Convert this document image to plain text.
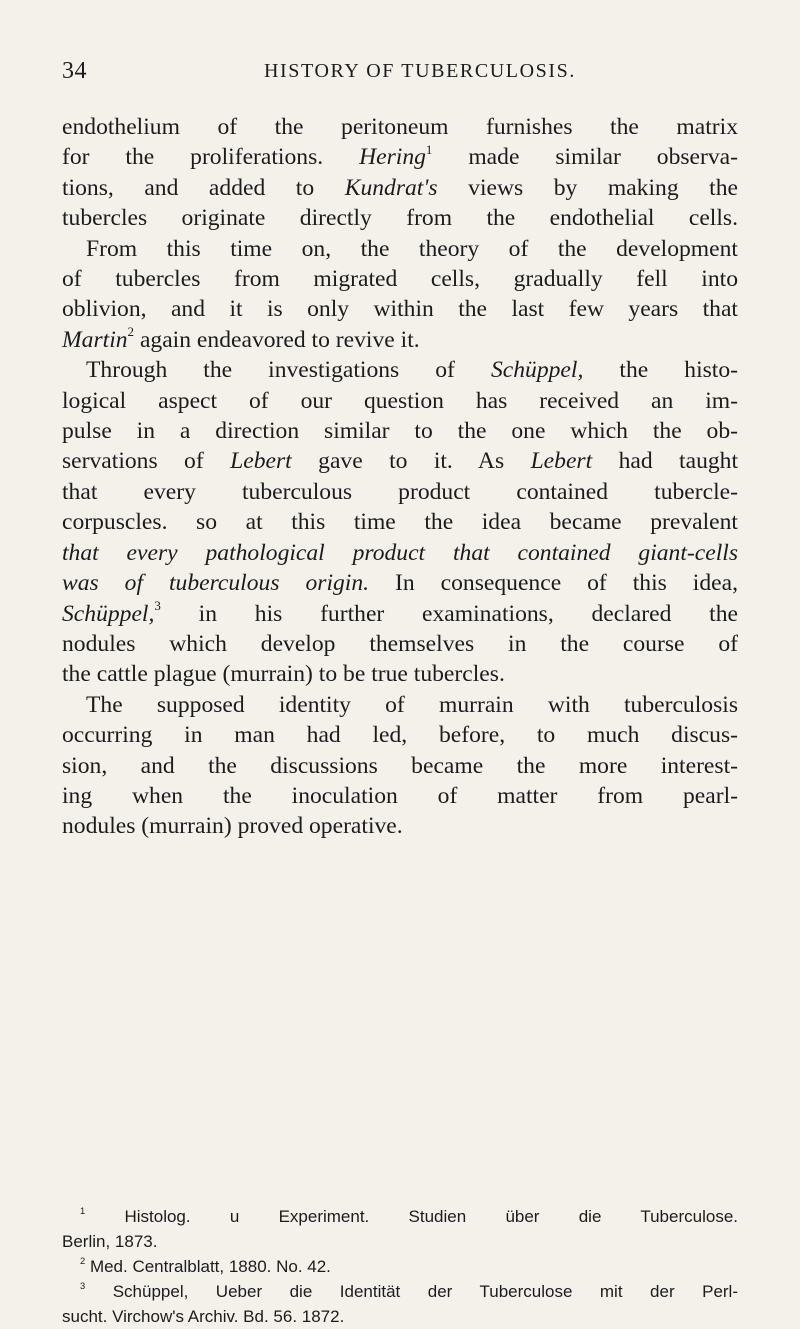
34	HISTORY OF TUBERCULOSIS.
endothelium of the peritoneum furnishes the matrix
for the proliferations. Hering$^1$ made similar observa-
tions, and added to Kundrat's views by making the
tubercles originate directly from the endothelial cells.
From this time on, the theory of the development
of tubercles from migrated cells, gradually fell into
oblivion, and it is only within the last few years that
Martin$^2$ again endeavored to revive it.
Through the investigations of Schüppel, the histo-
logical aspect of our question has received an im-
pulse in a direction similar to the one which the ob-
servations of Lebert gave to it. As Lebert had taught
that every tuberculous product contained tubercle-
corpuscles. so at this time the idea became prevalent
that every pathological product that contained giant-cells
was of tuberculous origin. In consequence of this idea,
Schüppel,$^3$ in his further examinations, declared the
nodules which develop themselves in the course of
the cattle plague (murrain) to be true tubercles.
The supposed identity of murrain with tuberculosis
occurring in man had led, before, to much discus-
sion, and the discussions became the more interest-
ing when the inoculation of matter from pearl-
nodules (murrain) proved operative.
$^1$ Histolog. u Experiment. Studien über die Tuberculose.
Berlin, 1873.
$^2$ Med. Centralblatt, 1880. No. 42.
$^3$ Schüppel, Ueber die Identität der Tuberculose mit der Perl-
sucht. Virchow's Archiv. Bd. 56. 1872.
